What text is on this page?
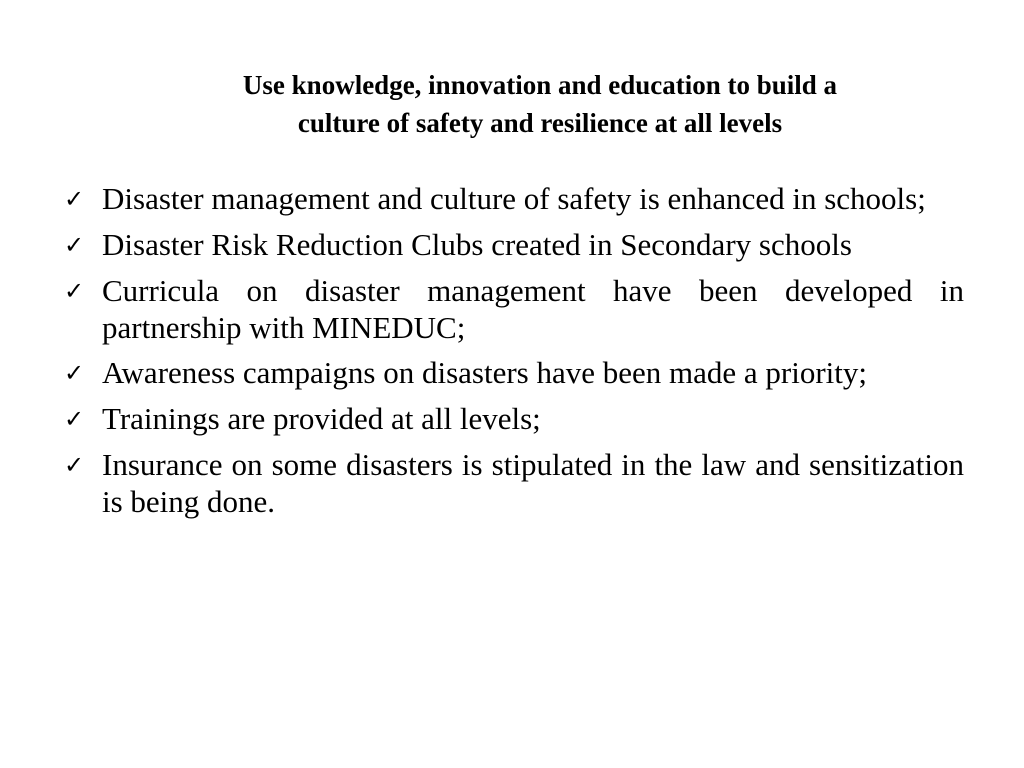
Use knowledge, innovation and education to build a
culture of safety and resilience at all levels
✓ Disaster management and culture of safety is enhanced in schools;
✓ Disaster Risk Reduction Clubs created in Secondary schools
✓ Curricula on disaster management have been developed in partnership with MINEDUC;
✓ Awareness campaigns on disasters have been made a priority;
✓ Trainings are provided at all levels;
✓ Insurance on some disasters is stipulated in the law and sensitization is being done.
